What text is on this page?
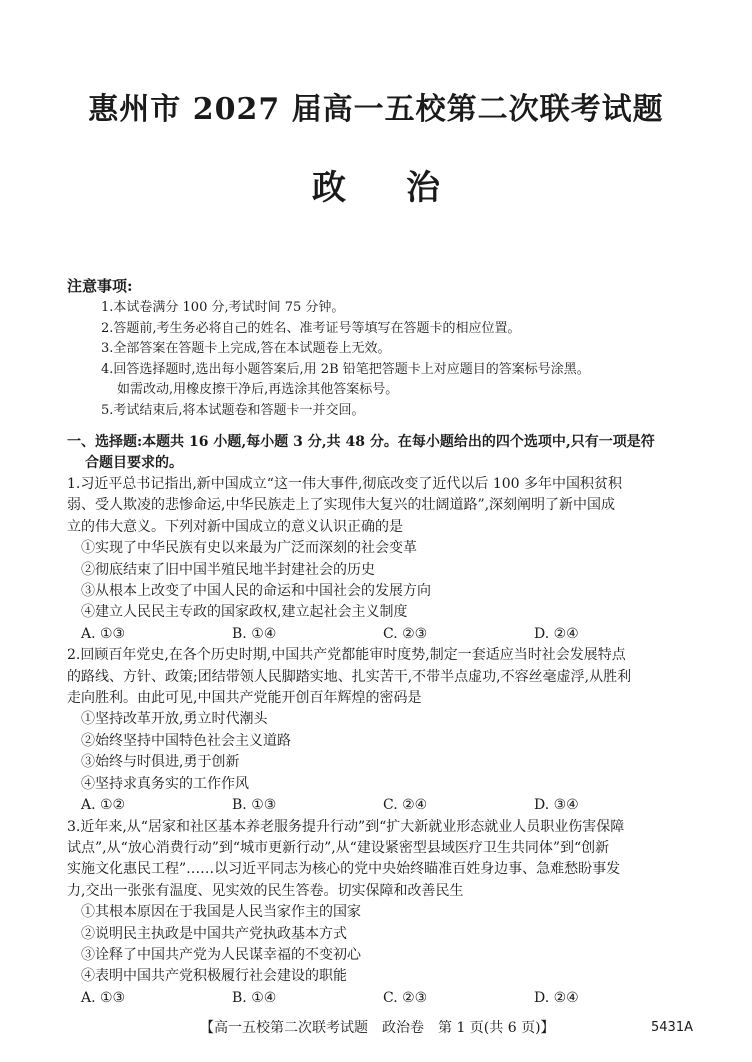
惠州市 2027 届高一五校第二次联考试题
政 治
注意事项:
1.本试卷满分 100 分,考试时间 75 分钟。
2.答题前,考生务必将自己的姓名、准考证号等填写在答题卡的相应位置。
3.全部答案在答题卡上完成,答在本试题卷上无效。
4.回答选择题时,选出每小题答案后,用 2B 铅笔把答题卡上对应题目的答案标号涂黑。
如需改动,用橡皮擦干净后,再选涂其他答案标号。
5.考试结束后,将本试题卷和答题卡一并交回。
一、选择题:本题共 16 小题,每小题 3 分,共 48 分。在每小题给出的四个选项中,只有一项是符
合题目要求的。

1.习近平总书记指出,新中国成立“这一伟大事件,彻底改变了近代以后 100 多年中国积贫积

弱、受人欺凌的悲惨命运,中华民族走上了实现伟大复兴的壮阔道路”,深刻阐明了新中国成

立的伟大意义。下列对新中国成立的意义认识正确的是

①实现了中华民族有史以来最为广泛而深刻的社会变革

②彻底结束了旧中国半殖民地半封建社会的历史

③从根本上改变了中国人民的命运和中国社会的发展方向

④建立人民民主专政的国家政权,建立起社会主义制度

A. ①③	B. ①④	C. ②③	D. ②④

2.回顾百年党史,在各个历史时期,中国共产党都能审时度势,制定一套适应当时社会发展特点

的路线、方针、政策;团结带领人民脚踏实地、扎实苦干,不带半点虚功,不容丝毫虚浮,从胜利

走向胜利。由此可见,中国共产党能开创百年辉煌的密码是

①坚持改革开放,勇立时代潮头

②始终坚持中国特色社会主义道路

③始终与时俱进,勇于创新

④坚持求真务实的工作作风

A. ①②	B. ①③	C. ②④	D. ③④

3.近年来,从“居家和社区基本养老服务提升行动”到“扩大新就业形态就业人员职业伤害保障

试点”,从“放心消费行动”到“城市更新行动”,从“建设紧密型县域医疗卫生共同体”到“创新

实施文化惠民工程”……以习近平同志为核心的党中央始终瞄准百姓身边事、急难愁盼事发

力,交出一张张有温度、见实效的民生答卷。切实保障和改善民生

①其根本原因在于我国是人民当家作主的国家

②说明民主执政是中国共产党执政基本方式

③诠释了中国共产党为人民谋幸福的不变初心

④表明中国共产党积极履行社会建设的职能

A. ①③	B. ①④	C. ②③	D. ②④
【高一五校第二次联考试题　政治卷　第 1 页(共 6 页)】	5431A
